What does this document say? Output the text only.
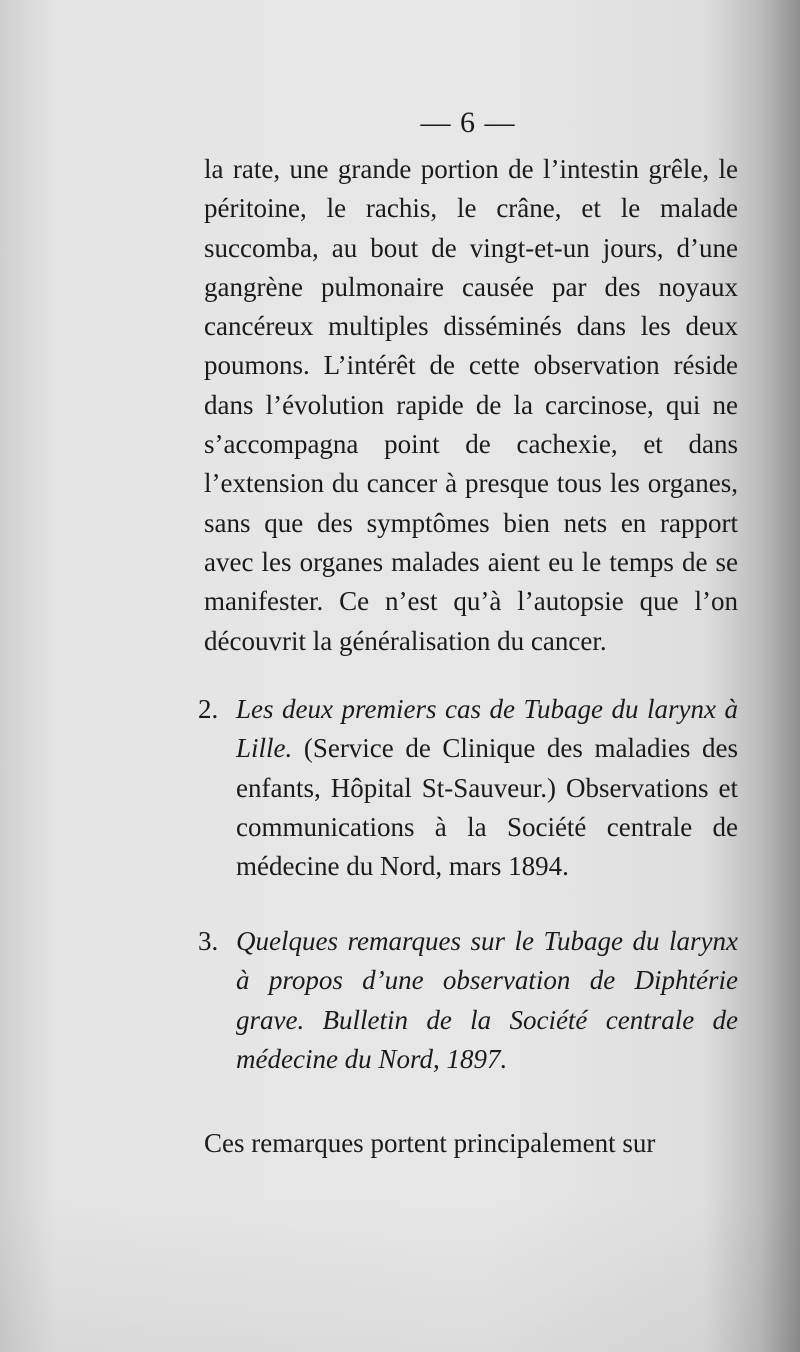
— 6 —

la rate, une grande portion de l’intestin grêle, le péritoine, le rachis, le crâne, et le malade succomba, au bout de vingt-et-un jours, d’une gangrène pulmonaire causée par des noyaux cancéreux multiples disséminés dans les deux poumons. L’intérêt de cette observation réside dans l’évolution rapide de la carcinose, qui ne s’accompagna point de cachexie, et dans l’extension du cancer à presque tous les organes, sans que des symptômes bien nets en rapport avec les organes malades aient eu le temps de se manifester. Ce n’est qu’à l’autopsie que l’on découvrit la généralisation du cancer.

2. Les deux premiers cas de Tubage du larynx à Lille. (Service de Clinique des maladies des enfants, Hôpital St-Sauveur.) Observations et communications à la Société centrale de médecine du Nord, mars 1894.

3. Quelques remarques sur le Tubage du larynx à propos d’une observation de Diphtérie grave. Bulletin de la Société centrale de médecine du Nord, 1897.

Ces remarques portent principalement sur
